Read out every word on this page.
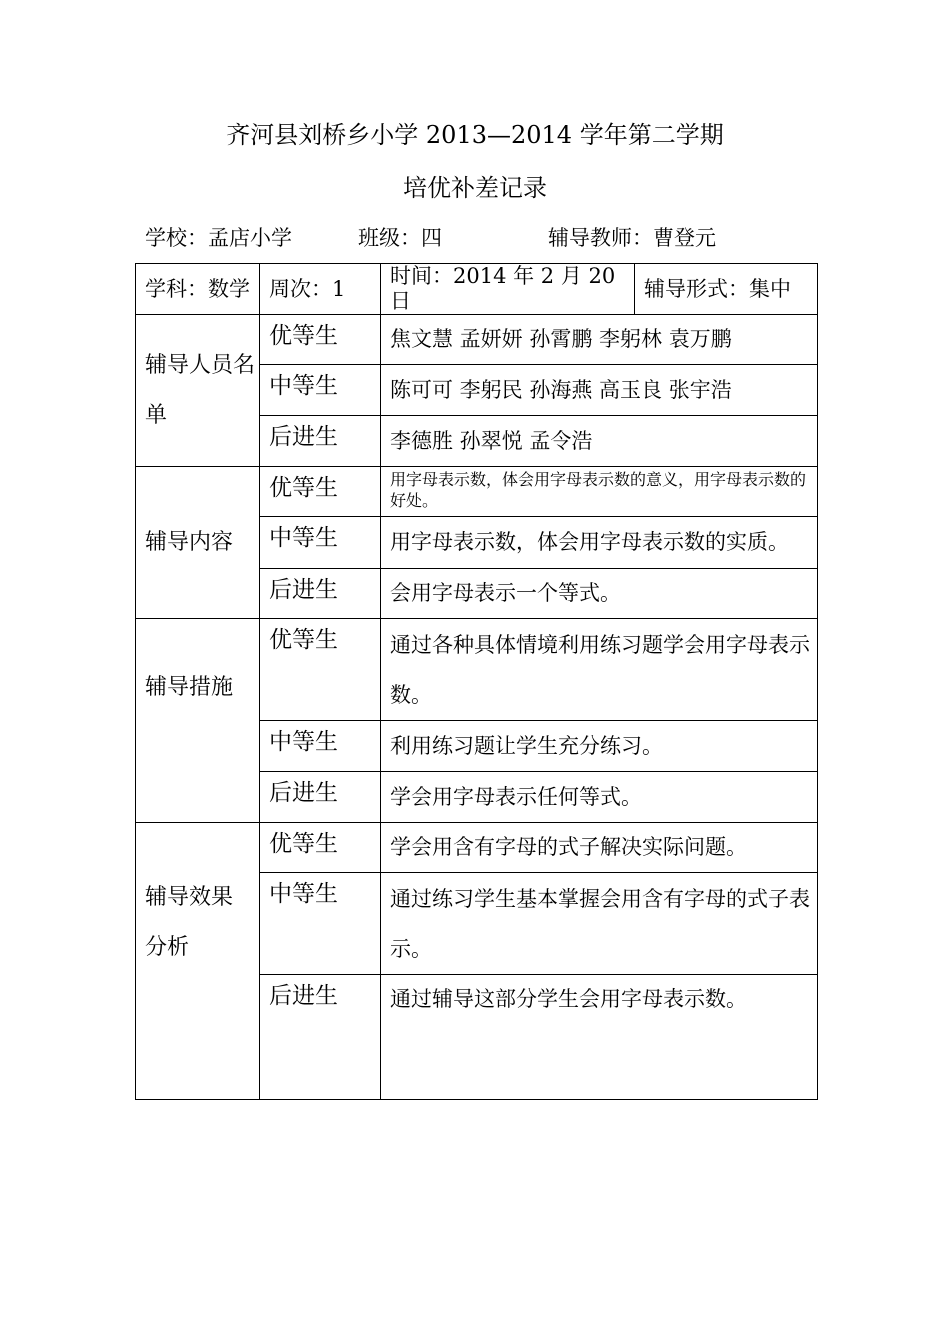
齐河县刘桥乡小学 2013—2014 学年第二学期
培优补差记录
学校：孟店小学	班级：四	辅导教师：曹登元
学科：数学	周次：1	时间：2014 年 2 月 20 日	辅导形式：集中
辅导人员名单	优等生	焦文慧 孟妍妍 孙霄鹏 李躬林 袁万鹏	
	中等生	陈可可 李躬民 孙海燕 高玉良 张宇浩	
	后进生	李德胜 孙翠悦 孟令浩	
辅导内容	优等生	用字母表示数，体会用字母表示数的意义，用字母表示数的好处。	
	中等生	用字母表示数，体会用字母表示数的实质。	
	后进生	会用字母表示一个等式。	
辅导措施	优等生	通过各种具体情境利用练习题学会用字母表示数。	
	中等生	利用练习题让学生充分练习。	
	后进生	学会用字母表示任何等式。	
辅导效果分析	优等生	学会用含有字母的式子解决实际问题。	
	中等生	通过练习学生基本掌握会用含有字母的式子表示。	
	后进生	通过辅导这部分学生会用字母表示数。	
